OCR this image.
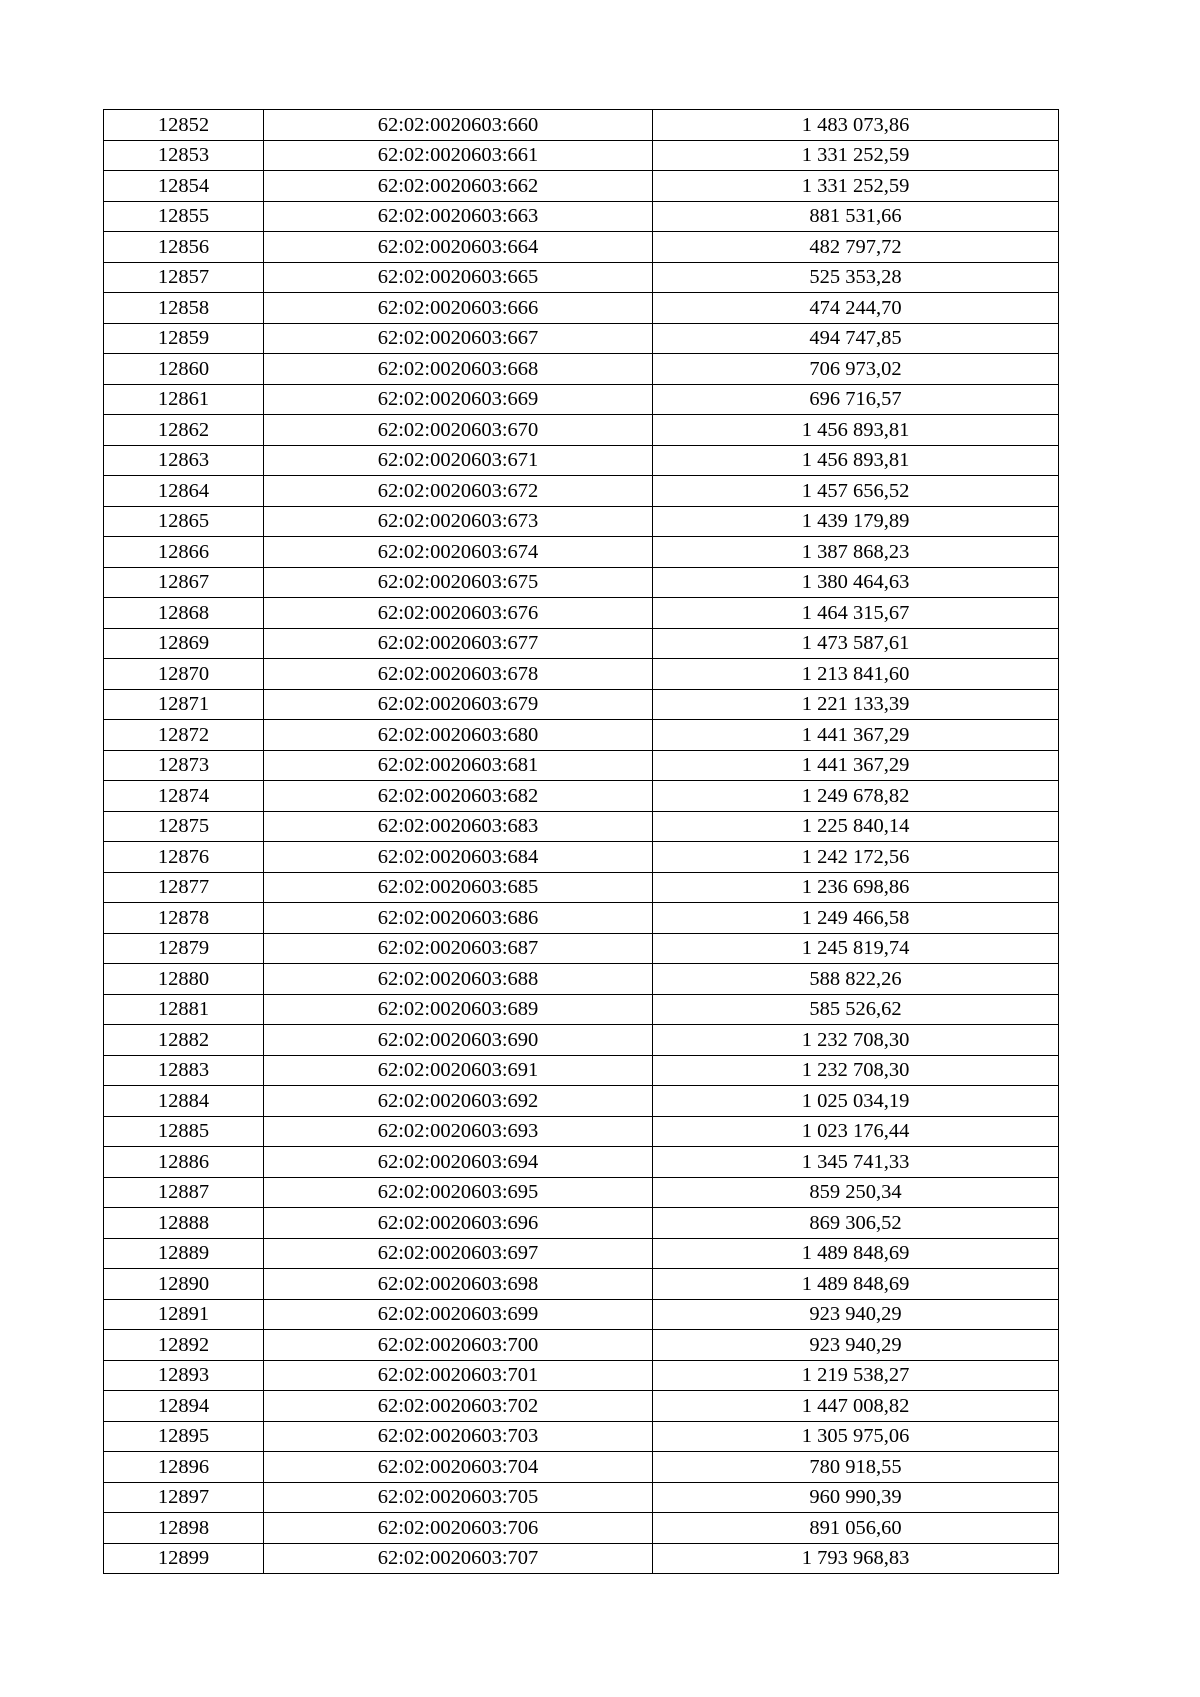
12852	62:02:0020603:660	1 483 073,86
12853	62:02:0020603:661	1 331 252,59
12854	62:02:0020603:662	1 331 252,59
12855	62:02:0020603:663	881 531,66
12856	62:02:0020603:664	482 797,72
12857	62:02:0020603:665	525 353,28
12858	62:02:0020603:666	474 244,70
12859	62:02:0020603:667	494 747,85
12860	62:02:0020603:668	706 973,02
12861	62:02:0020603:669	696 716,57
12862	62:02:0020603:670	1 456 893,81
12863	62:02:0020603:671	1 456 893,81
12864	62:02:0020603:672	1 457 656,52
12865	62:02:0020603:673	1 439 179,89
12866	62:02:0020603:674	1 387 868,23
12867	62:02:0020603:675	1 380 464,63
12868	62:02:0020603:676	1 464 315,67
12869	62:02:0020603:677	1 473 587,61
12870	62:02:0020603:678	1 213 841,60
12871	62:02:0020603:679	1 221 133,39
12872	62:02:0020603:680	1 441 367,29
12873	62:02:0020603:681	1 441 367,29
12874	62:02:0020603:682	1 249 678,82
12875	62:02:0020603:683	1 225 840,14
12876	62:02:0020603:684	1 242 172,56
12877	62:02:0020603:685	1 236 698,86
12878	62:02:0020603:686	1 249 466,58
12879	62:02:0020603:687	1 245 819,74
12880	62:02:0020603:688	588 822,26
12881	62:02:0020603:689	585 526,62
12882	62:02:0020603:690	1 232 708,30
12883	62:02:0020603:691	1 232 708,30
12884	62:02:0020603:692	1 025 034,19
12885	62:02:0020603:693	1 023 176,44
12886	62:02:0020603:694	1 345 741,33
12887	62:02:0020603:695	859 250,34
12888	62:02:0020603:696	869 306,52
12889	62:02:0020603:697	1 489 848,69
12890	62:02:0020603:698	1 489 848,69
12891	62:02:0020603:699	923 940,29
12892	62:02:0020603:700	923 940,29
12893	62:02:0020603:701	1 219 538,27
12894	62:02:0020603:702	1 447 008,82
12895	62:02:0020603:703	1 305 975,06
12896	62:02:0020603:704	780 918,55
12897	62:02:0020603:705	960 990,39
12898	62:02:0020603:706	891 056,60
12899	62:02:0020603:707	1 793 968,83
